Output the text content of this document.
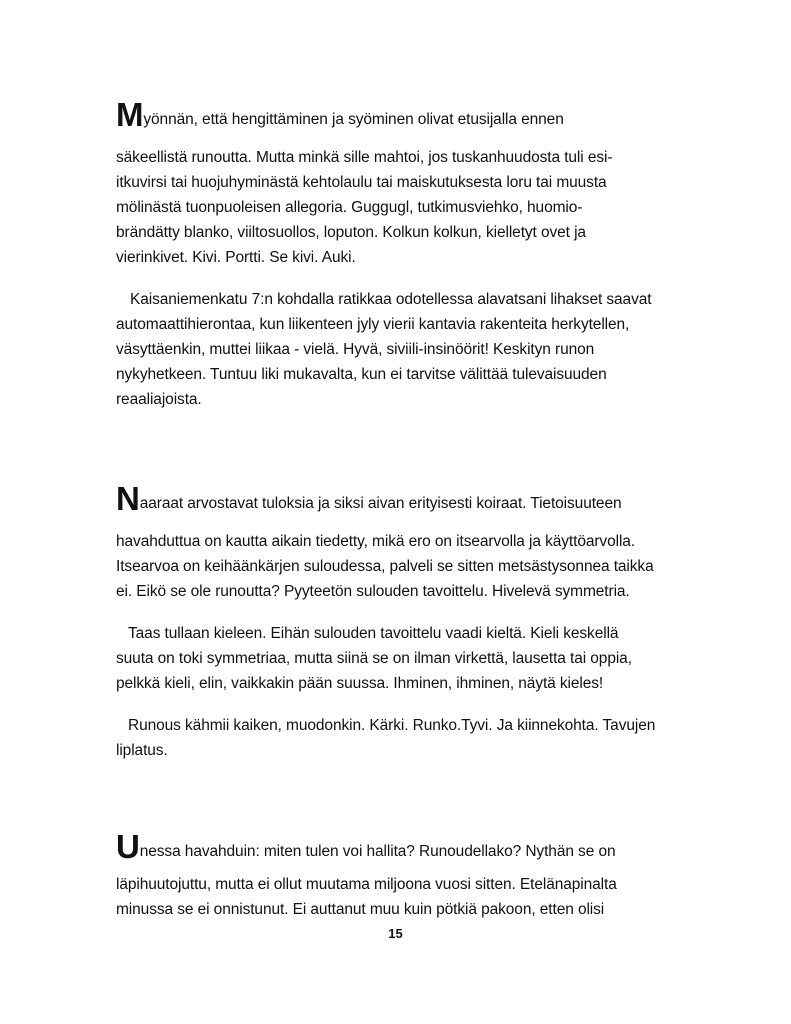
Myönnän, että hengittäminen ja syöminen olivat etusijalla ennen
säkeellistä runoutta. Mutta minkä sille mahtoi, jos tuskanhuudosta tuli esi-
itkuvirsi tai huojuhyminästä kehtolaulu tai maiskutuksesta loru tai muusta
mölinästä tuonpuoleisen allegoria. Guggugl, tutkimusviehko, huomio-
brändätty blanko, viiltosuollos, loputon. Kolkun kolkun, kielletyt ovet ja
vierinkivet. Kivi. Portti. Se kivi. Auki.
Kaisaniemenkatu 7:n kohdalla ratikkaa odotellessa alavatsani lihakset saavat
automaattihierontaa, kun liikenteen jyly vierii kantavia rakenteita herkytellen,
väsyttäenkin, muttei liikaa - vielä. Hyvä, siviili-insinöörit! Keskityn runon
nykyhetkeen. Tuntuu liki mukavalta, kun ei tarvitse välittää tulevaisuuden
reaaliajoista.
Naaraat arvostavat tuloksia ja siksi aivan erityisesti koiraat. Tietoisuuteen
havahduttua on kautta aikain tiedetty, mikä ero on itsearvolla ja käyttöarvolla.
Itsearvoa on keihäänkärjen suloudessa, palveli se sitten metsästysonnea taikka
ei. Eikö se ole runoutta? Pyyteetön sulouden tavoittelu. Hivelevä symmetria.
Taas tullaan kieleen. Eihän sulouden tavoittelu vaadi kieltä. Kieli keskellä
suuta on toki symmetriaa, mutta siinä se on ilman virkettä, lausetta tai oppia,
pelkkä kieli, elin, vaikkakin pään suussa. Ihminen, ihminen, näytä kieles!
Runous kähmii kaiken, muodonkin. Kärki. Runko.Tyvi. Ja kiinnekohta. Tavujen
liplatus.
Unessa havahduin: miten tulen voi hallita? Runoudellako? Nythän se on
läpihuutojuttu, mutta ei ollut muutama miljoona vuosi sitten. Etelänapinalta
minussa se ei onnistunut. Ei auttanut muu kuin pötkiä pakoon, etten olisi
15
